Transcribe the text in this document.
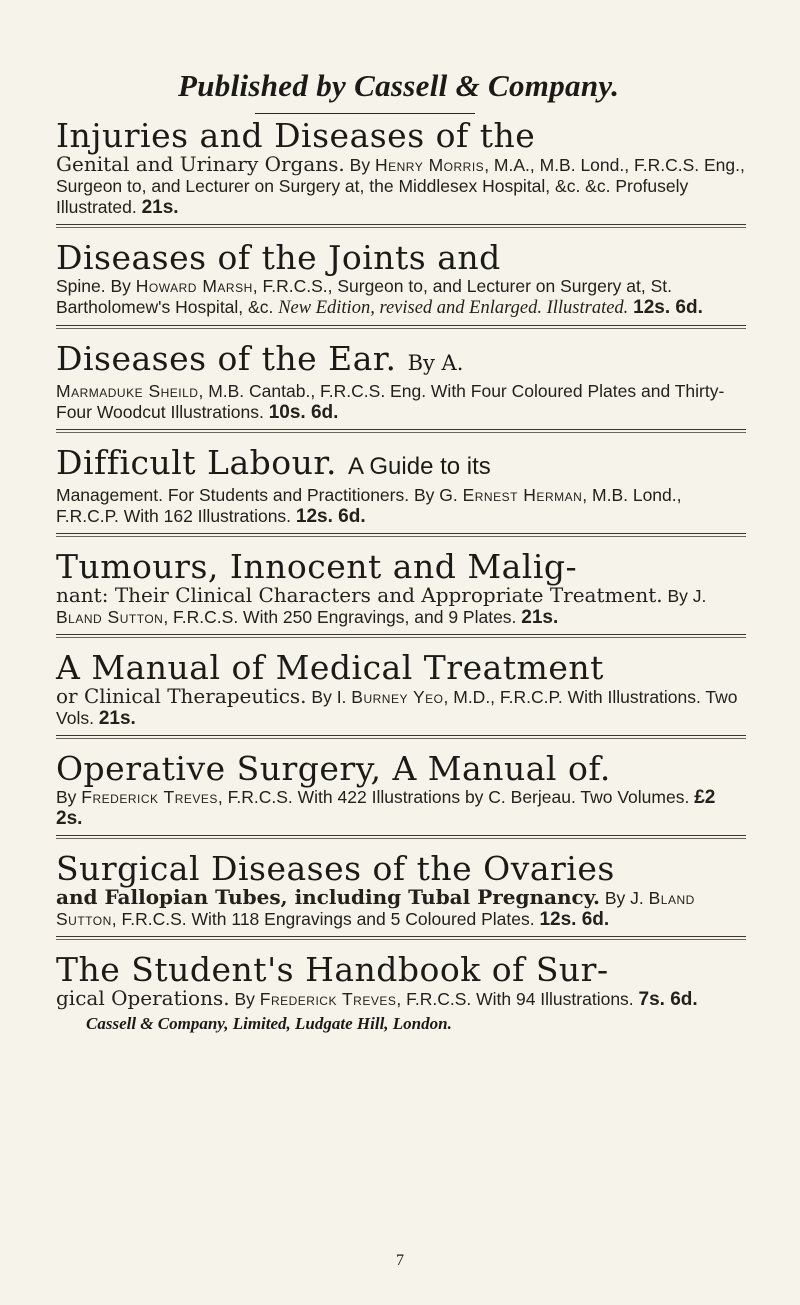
Published by Cassell & Company.
Injuries and Diseases of the
Genital and Urinary Organs. By Henry Morris, M.A., M.B. Lond., F.R.C.S. Eng., Surgeon to, and Lecturer on Surgery at, the Middlesex Hospital, &c. &c. Profusely Illustrated. 21s.
Diseases of the Joints and
Spine. By Howard Marsh, F.R.C.S., Surgeon to, and Lecturer on Surgery at, St. Bartholomew's Hospital, &c. New Edition, revised and Enlarged. Illustrated. 12s. 6d.
Diseases of the Ear. By A.
Marmaduke Sheild, M.B. Cantab., F.R.C.S. Eng. With Four Coloured Plates and Thirty-Four Woodcut Illustrations. 10s. 6d.
Difficult Labour. A Guide to its
Management. For Students and Practitioners. By G. Ernest Herman, M.B. Lond., F.R.C.P. With 162 Illustrations. 12s. 6d.
Tumours, Innocent and Malig-
nant: Their Clinical Characters and Appropriate Treatment. By J. Bland Sutton, F.R.C.S. With 250 Engravings, and 9 Plates. 21s.
A Manual of Medical Treatment
or Clinical Therapeutics. By I. Burney Yeo, M.D., F.R.C.P. With Illustrations. Two Vols. 21s.
Operative Surgery, A Manual of.
By Frederick Treves, F.R.C.S. With 422 Illustrations by C. Berjeau. Two Volumes. £2 2s.
Surgical Diseases of the Ovaries
and Fallopian Tubes, including Tubal Pregnancy. By J. Bland Sutton, F.R.C.S. With 118 Engravings and 5 Coloured Plates. 12s. 6d.
The Student's Handbook of Sur-
gical Operations. By Frederick Treves, F.R.C.S. With 94 Illustrations. 7s. 6d.
Cassell & Company, Limited, Ludgate Hill, London.
7
